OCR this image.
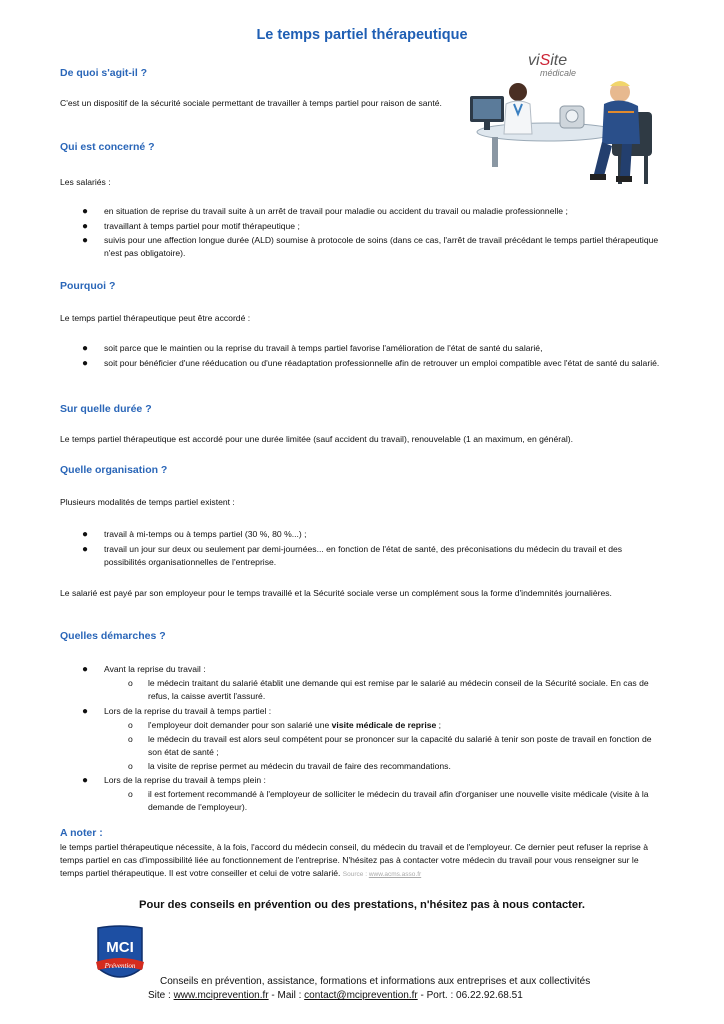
Le temps partiel thérapeutique
viSite
médicale
De quoi s'agit-il ?
C'est un dispositif de la sécurité sociale permettant de travailler à temps partiel pour raison de santé.
Qui est concerné ?
Les salariés :
● en situation de reprise du travail suite à un arrêt de travail pour maladie ou accident du travail ou maladie professionnelle ;
● travaillant à temps partiel pour motif thérapeutique ;
● suivis pour une affection longue durée (ALD) soumise à protocole de soins (dans ce cas, l'arrêt de travail précédant le temps partiel thérapeutique n'est pas obligatoire).
Pourquoi ?
Le temps partiel thérapeutique peut être accordé :
● soit parce que le maintien ou la reprise du travail à temps partiel favorise l'amélioration de l'état de santé du salarié,
● soit pour bénéficier d'une rééducation ou d'une réadaptation professionnelle afin de retrouver un emploi compatible avec l'état de santé du salarié.
Sur quelle durée ?
Le temps partiel thérapeutique est accordé pour une durée limitée (sauf accident du travail), renouvelable (1 an maximum, en général).
Quelle organisation ?
Plusieurs modalités de temps partiel existent :
● travail à mi-temps ou à temps partiel (30 %, 80 %...) ;
● travail un jour sur deux ou seulement par demi-journées... en fonction de l'état de santé, des préconisations du médecin du travail et des possibilités organisationnelles de l'entreprise.
Le salarié est payé par son employeur pour le temps travaillé et la Sécurité sociale verse un complément sous la forme d'indemnités journalières.
Quelles démarches ?
● Avant la reprise du travail :
o le médecin traitant du salarié établit une demande qui est remise par le salarié au médecin conseil de la Sécurité sociale. En cas de refus, la caisse avertit l'assuré.
● Lors de la reprise du travail à temps partiel :
o l'employeur doit demander pour son salarié une visite médicale de reprise ;
o le médecin du travail est alors seul compétent pour se prononcer sur la capacité du salarié à tenir son poste de travail en fonction de son état de santé ;
o la visite de reprise permet au médecin du travail de faire des recommandations.
● Lors de la reprise du travail à temps plein :
o il est fortement recommandé à l'employeur de solliciter le médecin du travail afin d'organiser une nouvelle visite médicale (visite à la demande de l'employeur).
A noter :
le temps partiel thérapeutique nécessite, à la fois, l'accord du médecin conseil, du médecin du travail et de l'employeur. Ce dernier peut refuser la reprise à temps partiel en cas d'impossibilité liée au fonctionnement de l'entreprise. N'hésitez pas à contacter votre médecin du travail pour vous renseigner sur le temps partiel thérapeutique. Il est votre conseiller et celui de votre salarié. Source : www.acms.asso.fr
Pour des conseils en prévention ou des prestations, n'hésitez pas à nous contacter.
MCI
Prévention
Conseils en prévention, assistance, formations et informations aux entreprises et aux collectivités
Site : www.mciprevention.fr - Mail : contact@mciprevention.fr - Port. : 06.22.92.68.51
